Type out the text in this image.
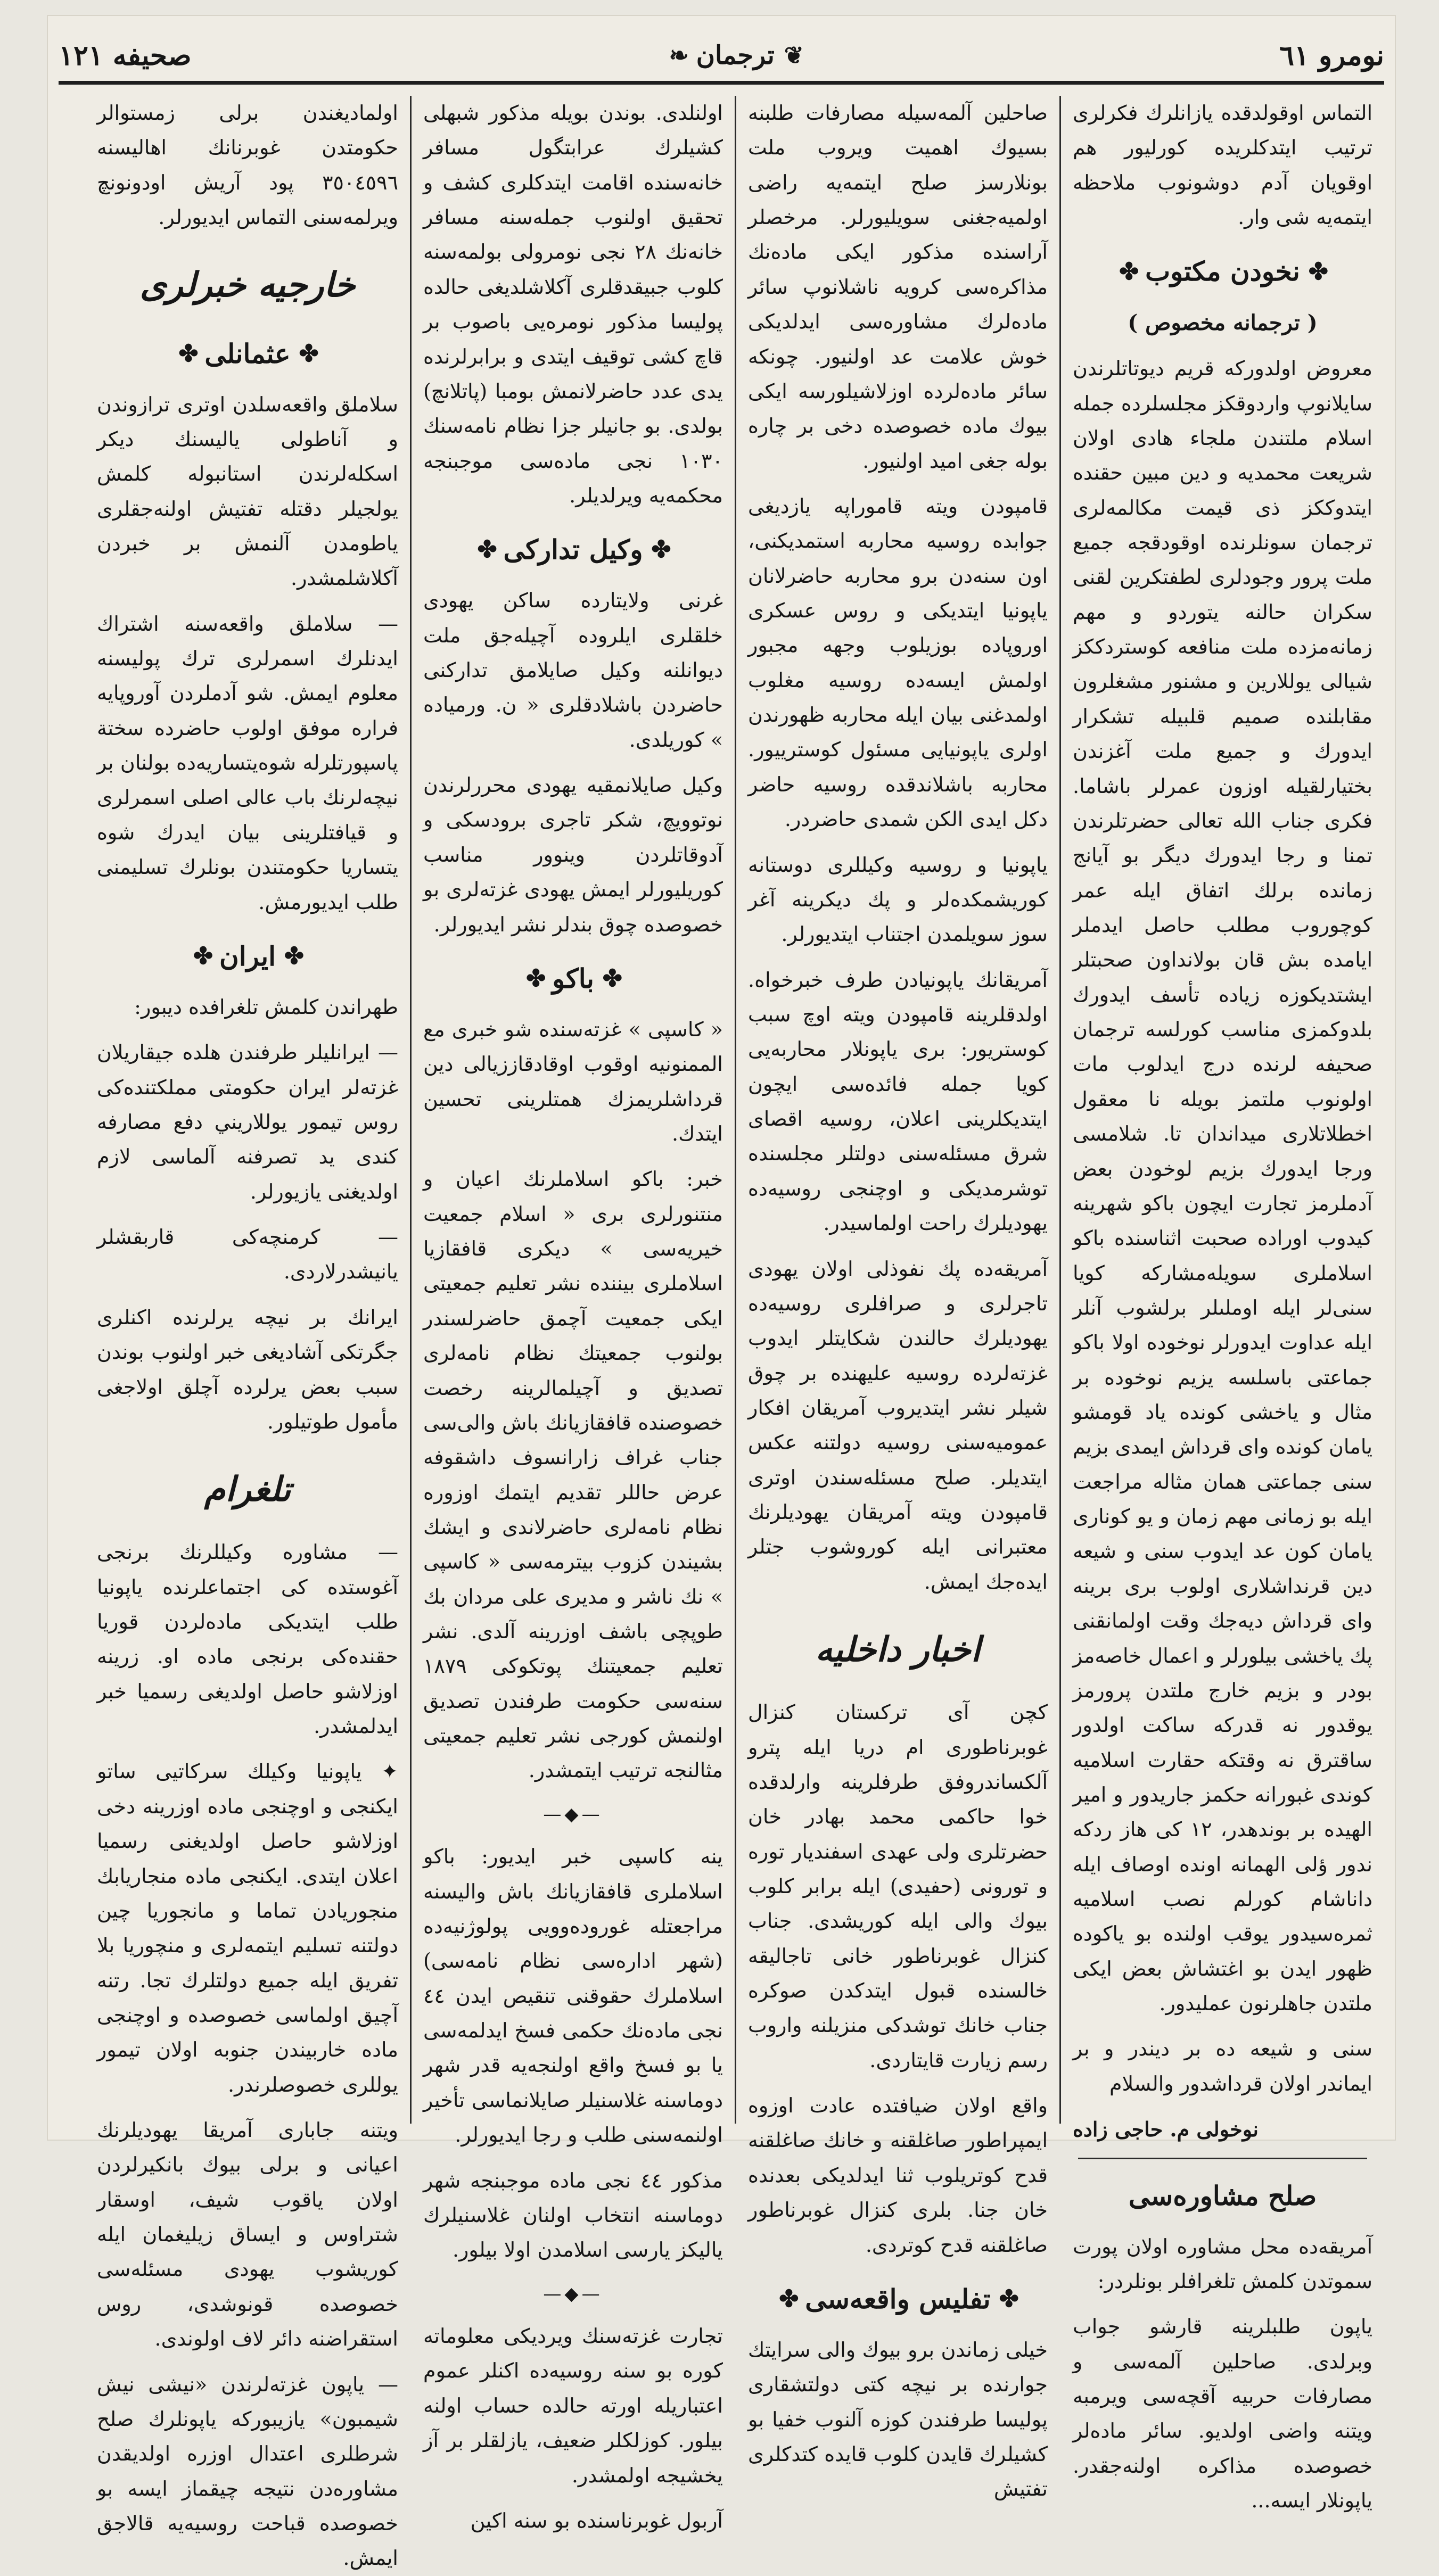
نومرو ٦١
❦
ترجمان
❧
صحيفه ١٢١

التماس اوقولدقده يازانلرك فكرلرى ترتيب ايتدكلريده كورليور هم اوقويان آدم دوشونوب ملاحظه ايتمه‌يه شى وار.

✤
نخودن مكتوب
✤
( ترجمانه مخصوص )

معروض اولدوركه قريم ديوتاتلرندن سايلانوپ واردوقكز مجلسلرده جمله اسلام ملتندن ملجاء هادى اولان شريعت محمديه و دين مبين حقنده ايتدوككز ذى قيمت مكالمه‌لرى ترجمان سونلرنده اوقودقجه جميع ملت پرور وجودلرى لطفتكرين لقنى سكران حالنه يتوردو و مهم زمانه‌مزده ملت منافعه كوستردككز شيالى يوللارين و مشنور مشغلرون مقابلنده صميم قلبيله تشكرار ايدورك و جميع ملت آغزندن بختيارلقيله اوزون عمرلر باشاما. فكرى جناب الله تعالى حضرتلرندن تمنا و رجا ايدورك ديگر بو آيانج زمانده برلك اتفاق ايله عمر كوچوروب مطلب حاصل ايدملر ايامده بش قان بولانداون صحبتلر ايشتديكوزه زياده تأسف ايدورك بلدوكمزى مناسب كورلسه ترجمان صحيفه لرنده درج ايدلوب مات اولونوب ملتمز بويله نا معقول اخطلاتلارى ميداندان تا. شلامسى ورجا ايدورك بزيم لوخودن بعض آدملرمز تجارت ايچون باكو شهرينه كيدوب اوراده صحبت اثناسنده باكو اسلاملرى سويله‌مشاركه كويا سنى‌لر ايله اوملىلر برلشوب آنلر ايله عداوت ايدورلر نوخوده اولا باكو جماعتى باسلسه يزيم نوخوده بر مثال و ياخشى كونده ياد قومشو يامان كونده واى قرداش ايمدى بزيم سنى جماعتى همان مثاله مراجعت ايله بو زمانى مهم زمان و يو كونارى يامان كون عد ايدوب سنى و شيعه دين قرنداشلارى اولوب برى برينه واى قرداش ديه‌جك وقت اولمانقنى پك ياخشى بيلورلر و اعمال خاصه‌مز بودر و بزيم خارج ملتدن پرورمز يوقدور نه قدركه ساكت اولدور ساقترق نه وقتكه حقارت اسلاميه كوندى غبورانه حكمز جاريدور و امير الهيده بر بوندهدر، ١٢ كى هاز ردكه ندور ؤلى الهمانه اونده اوصاف ايله داناشام كورلم نصب اسلاميه ثمره‌سيدور يوقب اولنده بو ياكوده ظهور ايدن بو اغتشاش بعض ايكى ملتدن جاهلرنون عمليدور.

سنى و شيعه ده بر ديندر و بر ايماندر اولان قرداشدور والسلام

نوخولى م. حاجى زاده
صلح مشاوره‌سى

آمريقه‌ده محل مشاوره اولان پورت سموتدن كلمش تلغرافلر بونلردر:

ياپون طلبلرينه قارشو جواب وبرلدى. صاحلين آلمه‌سى و مصارفات حربيه آقچه‌سى ويرمبه ويتنه واضى اولديو. سائر ماده‌لر خصوصده مذاكره اولنه‌جقدر. ياپونلار ايسه...

صاحلين آلمه‌سيله مصارفات طلبنه بسيوك اهميت ويروب ملت بونلارسز صلح ايتمه‌يه راضى اولميه‌جغنى سويليورلر. مرخصلر آراسنده مذكور ايكى ماده‌نك مذاكره‌سى كرويه ناشلانوپ سائر ماده‌لرك مشاوره‌سى ايدلديكى خوش علامت عد اولنيور. چونكه سائر ماده‌لرده اوزلاشيلورسه ايكى بيوك ماده خصوصده دخى بر چاره بوله جغى اميد اولنيور.

قامپودن ويته قاموراپه يازديغى جوابده روسيه محاربه استمديكنى، اون سنه‌دن برو محاربه حاضرلانان ياپونيا ايتديكى و روس عسكرى اوروپاده بوزيلوب وجهه مجبور اولمش ايسه‌ده روسيه مغلوب اولمدغنى بيان ايله محاربه ظهورندن اولرى ياپونيايى مسئول كوسترييور. محاربه باشلاندقده روسيه حاضر دكل ايدى الكن شمدى حاضردر.

ياپونيا و روسيه وكيللرى دوستانه كوريشمكده‌لر و پك ديكرينه آغر سوز سويلمدن اجتناب ايتديورلر.

آمريقانك ياپونيادن طرف خبرخواه. اولدقلرينه قامپودن ويته اوچ سبب كوستريور: برى ياپونلار محاربه‌يى كويا جمله فائده‌سى ايچون ايتديكلرينى اعلان، روسيه اقصاى شرق مسئله‌سنى دولتلر مجلسنده توشرمديكى و اوچنجى روسيه‌ده يهوديلرك راحت اولماسيدر.

آمريقه‌ده پك نفوذلى اولان يهودى تاجرلرى و صرافلرى روسيه‌ده يهوديلرك حالندن شكايتلر ايدوب غزته‌لرده روسيه عليهنده بر چوق شيلر نشر ايتديروب آمريقان افكار عموميه‌سنى روسيه دولتنه عكس ايتديلر. صلح مسئله‌سندن اوترى قامپودن ويته آمريقان يهوديلرنك معتبرانى ايله كوروشوب جتلر ايده‌جك ايمش.

اخبار داخليه

كچن آى تركستان كنزال غوبرناطورى ام دريا ايله پترو آلكساندروفق طرفلرينه وارلدقده خوا حاكمى محمد بهادر خان حضرتلرى ولى عهدى اسفنديار توره و تورونى (حفيدى) ايله برابر كلوب بيوك والى ايله كوريشدى. جناب كنزال غوبرناطور خانى تاجاليقه خالسنده قبول ايتدكدن صوكره جناب خانك توشدكى منزيلنه واروب رسم زيارت قايتاردى.

واقع اولان ضيافتده عادت اوزوه ايمپراطور صاغلقنه و خانك صاغلقنه قدح كوتريلوب ثنا ايدلديكى بعدنده خان جنا. بلرى كنزال غوبرناطور صاغلقنه قدح كوتردى.

✤
تفليس واقعه‌سى
✤

خيلى زماندن برو بيوك والى سرايتك جوارنده بر نيچه كتى دولتشقارى پوليسا طرفندن كوزه آلنوب خفيا بو كشيلرك قايدن كلوب قايده كتدكلرى تفتيش

اولنلدى. بوندن بويله مذكور شبهلى كشيلرك عرابتگول مسافر خانه‌سنده اقامت ايتدكلرى كشف و تحقيق اولنوب جمله‌سنه مسافر خانه‌نك ٢٨ نجى نومرولى بولمه‌سنه كلوب جبيقدقلرى آكلاشلديغى حالده پوليسا مذكور نومره‌يى باصوب بر قاچ كشى توقيف ايتدى و برابرلرنده يدى عدد حاضرلانمش بومبا (پاتلانچ) بولدى. بو جانيلر جزا نظام نامه‌سنك ١٠٣٠ نجى ماده‌سى موجبنجه محكمه‌يه ويرلديلر.

✤
وكيل تداركى
✤

غرنى ولايتارده ساكن يهودى خلقلرى ايلروده آچيله‌جق ملت ديوانلنه وكيل صايلامق تداركنى حاضردن باشلادقلرى « ن. ورمياده » كوريلدى.

وكيل صايلانمقيه يهودى محررلرندن نوتوويچ، شكر تاجرى برودسكى و آدوقاتلردن وينوور مناسب كوريليورلر ايمش يهودى غزته‌لرى بو خصوصده چوق بندلر نشر ايديورلر.

✤
باكو
✤

« كاسپى » غزته‌سنده شو خبرى مع الممنونيه اوقوب اوقادقاززيالى دين قرداشلريمزك همتلرينى تحسين ايتدك.

خبر: باكو اسلاملرنك اعيان و منتنورلرى برى « اسلام جمعيت خيريه‌سى » ديكرى قافقازيا اسلاملرى بيننده نشر تعليم جمعيتى ايكى جمعيت آچمق حاضرلسندر بولنوب جمعيتك نظام نامه‌لرى تصديق و آچيلمالرينه رخصت خصوصنده قافقازيانك باش والى‌سى جناب غراف زارانسوف داشقوفه عرض حاللر تقديم ايتمك اوزوره نظام نامه‌لرى حاضرلاندى و ايشك بشيندن كزوب بيترمه‌سى « كاسپى » نك ناشر و مديرى على مردان بك طوپچى باشف اوزرينه آلدى. نشر تعليم جمعيتنك پوتكوكى ١٨٧٩ سنه‌سى حكومت طرفندن تصديق اولنمش كورجى نشر تعليم جمعيتى مثالنجه ترتيب ايتمشدر.

—◆—

ينه كاسپى خبر ايديور: باكو اسلاملرى قافقازيانك باش واليسنه مراجعتله غوروده‌وويى پولوژنيه‌ده (شهر اداره‌سى نظام نامه‌سى) اسلاملرك حقوقنى تنقيص ايدن ٤٤ نجى ماده‌نك حكمى فسخ ايدلمه‌سى يا بو فسخ واقع اولنجه‌يه قدر شهر دوماسنه غلاسنيلر صايلانماسى تأخير اولنمه‌سنى طلب و رجا ايديورلر.

مذكور ٤٤ نجى ماده موجبنجه شهر دوماسنه انتخاب اولنان غلاسنيلرك ياليكز يارسى اسلامدن اولا بيلور.

—◆—

تجارت غزته‌سنك ويرديكى معلوماته كوره بو سنه روسيه‌ده اكنلر عموم اعتباريله اورته حالده حساب اولنه بيلور. كوزلكلر ضعيف، يازلقلر بر آز يخشيجه اولمشدر.

آربول غوبرناسنده بو سنه اكين

اولماديغندن برلى زمستوالر حكومتدن غوبرنانك اهاليسنه ٣٥٠٤٥٩٦ پود آريش اودونونچ ويرلمه‌سنى التماس ايديورلر.

خارجيه خبرلرى
✤
عثمانلى
✤

سلاملق واقعه‌سلدن اوترى ترازوندن و آناطولى ياليسنك ديكر اسكله‌لرندن استانبوله كلمش يولجيلر دقتله تفتيش اولنه‌جقلرى ياطومدن آلنمش بر خبردن آكلاشلمشدر.

— سلاملق واقعه‌سنه اشتراك ايدنلرك اسمرلرى ترك پوليسنه معلوم ايمش. شو آدملردن آوروپايه فراره موفق اولوب حاضرده سختة پاسپورتلرله شوه‌يتساريه‌ده بولنان بر نيچه‌لرنك باب عالى اصلى اسمرلرى و قيافتلرينى بيان ايدرك شوه يتساريا حكومتندن بونلرك تسليمنى طلب ايديورمش.

✤
ايران
✤

طهراندن كلمش تلغرافده ديبور:

— ايرانليلر طرفندن هلده جيقاريلان غزته‌لر ايران حكومتى مملكتنده‌كى روس تيمور يوللاريني دفع مصارفه كندى يد تصرفنه آلماسى لازم اولديغنى يازيورلر.

— كرمنچه‌كى قاربقشلر يانيشدرلاردى.

ايرانك بر نيچه يرلرنده اكنلرى جگرتكى آشاديغى خبر اولنوب بوندن سبب بعض يرلرده آچلق اولاجغى مأمول طوتيلور.

تلغرام

— مشاوره وكيللرنك برنجى آغوستده كى اجتماعلرنده ياپونيا طلب ايتديكى ماده‌لردن قوريا حقنده‌كى برنجى ماده او. زرينه اوزلاشو حاصل اولديغى رسميا خبر ايدلمشدر.

✦ ياپونيا وكيلك سركاتيى ساتو ايكنجى و اوچنجى ماده اوزرينه دخى اوزلاشو حاصل اولديغنى رسميا اعلان ايتدى. ايكنجى ماده منجاريابك منجوريادن تماما و مانجوريا چين دولتنه تسليم ايتمه‌لرى و منچوريا بلا تفريق ايله جميع دولتلرك تجا. رتنه آچيق اولماسى خصوصده و اوچنجى ماده خاربيندن جنوبه اولان تيمور يوللرى خصوصلرندر.

ويتنه جابارى آمريقا يهوديلرنك اعيانى و برلى بيوك بانكيرلردن اولان ياقوب شيف، اوسقار شتراوس و ايساق زيليغمان ايله كوريشوب يهودى مسئله‌سى خصوصده قونوشدى، روس استقراضنه دائر لاف اولوندى.

— ياپون غزته‌لرندن «نيشى نيش شيمبون» يازيبوركه ياپونلرك صلح شرطلرى اعتدال اوزره اولديقدن مشاوره‌دن نتيجه چيقماز ايسه بو خصوصده قباحت روسيه‌يه قالاجق ايمش.
